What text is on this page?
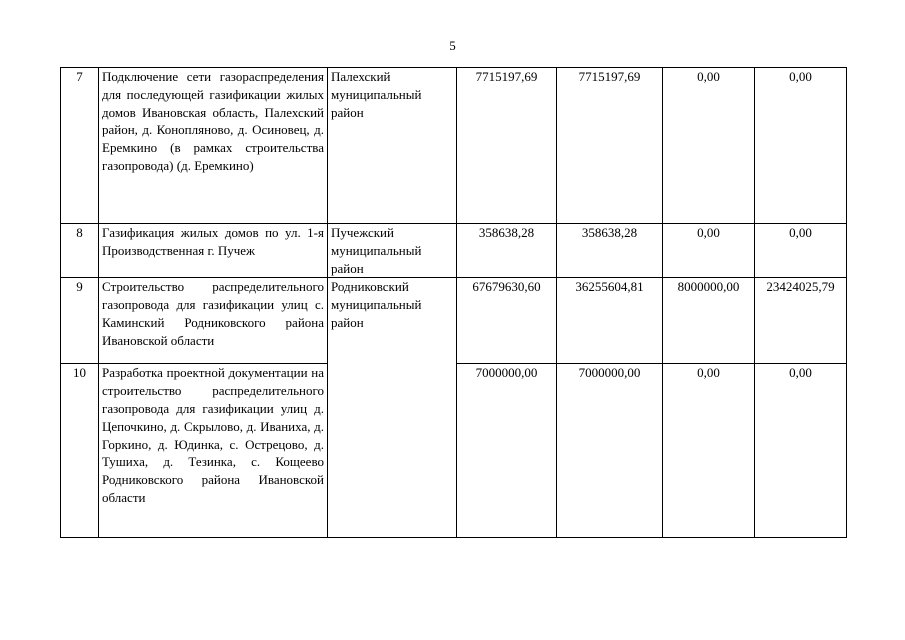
5
7	Подключение сети газораспределения для последующей газификации жилых домов Ивановская область, Палехский район, д. Конопляново, д. Осиновец, д. Еремкино (в рамках строительства газопровода) (д. Еремкино)	Палехский муниципальный район	7715197,69	7715197,69	0,00	0,00
8	Газификация жилых домов по ул. 1-я Производственная г. Пучеж	Пучежский муниципальный район	358638,28	358638,28	0,00	0,00
9	Строительство распределительного газопровода для газификации улиц с. Каминский Родниковского района Ивановской области	Родниковский муниципальный район	67679630,60	36255604,81	8000000,00	23424025,79
10	Разработка проектной документации на строительство распределительного газопровода для газификации улиц д. Цепочкино, д. Скрылово, д. Иваниха, д. Горкино, д. Юдинка, с. Острецово, д. Тушиха, д. Тезинка, с. Кощеево Родниковского района Ивановской области		7000000,00	7000000,00	0,00	0,00
